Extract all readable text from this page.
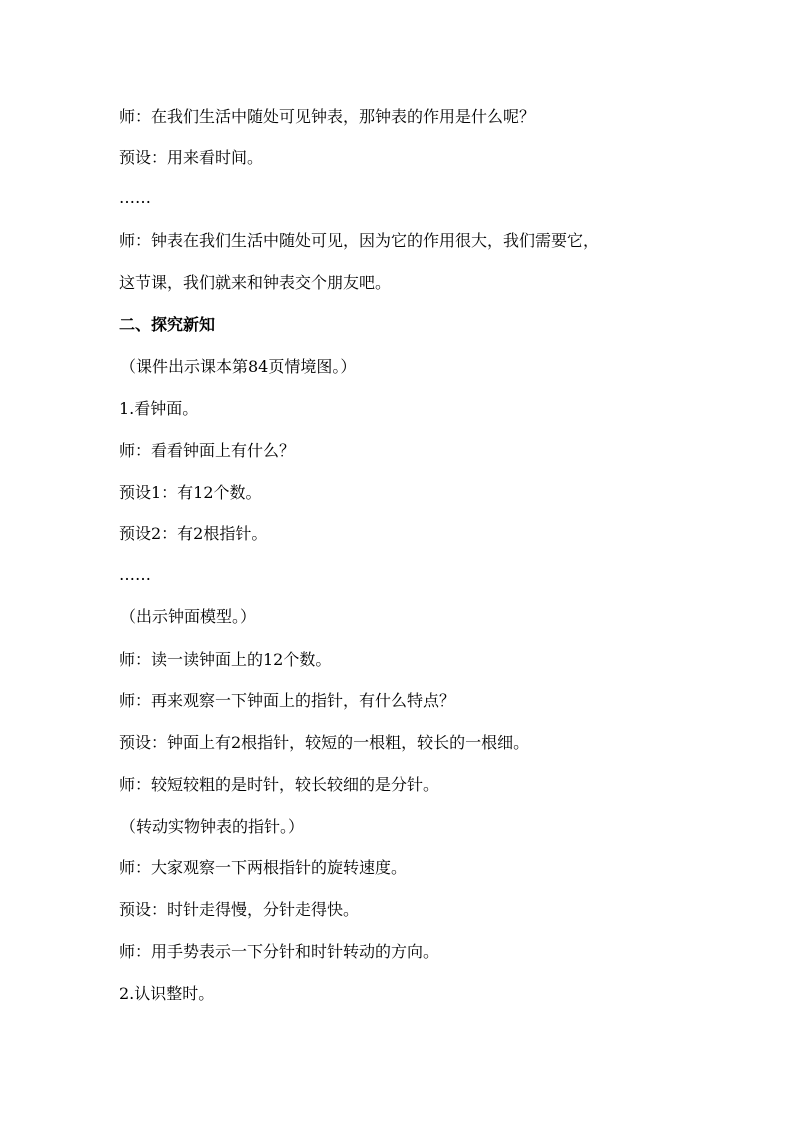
师：在我们生活中随处可见钟表，那钟表的作用是什么呢？
预设：用来看时间。
……
师：钟表在我们生活中随处可见，因为它的作用很大，我们需要它，
这节课，我们就来和钟表交个朋友吧。
二、探究新知
（课件出示课本第84页情境图。）
1.看钟面。
师：看看钟面上有什么？
预设1：有12个数。
预设2：有2根指针。
……
（出示钟面模型。）
师：读一读钟面上的12个数。
师：再来观察一下钟面上的指针，有什么特点？
预设：钟面上有2根指针，较短的一根粗，较长的一根细。
师：较短较粗的是时针，较长较细的是分针。
（转动实物钟表的指针。）
师：大家观察一下两根指针的旋转速度。
预设：时针走得慢，分针走得快。
师：用手势表示一下分针和时针转动的方向。
2.认识整时。
